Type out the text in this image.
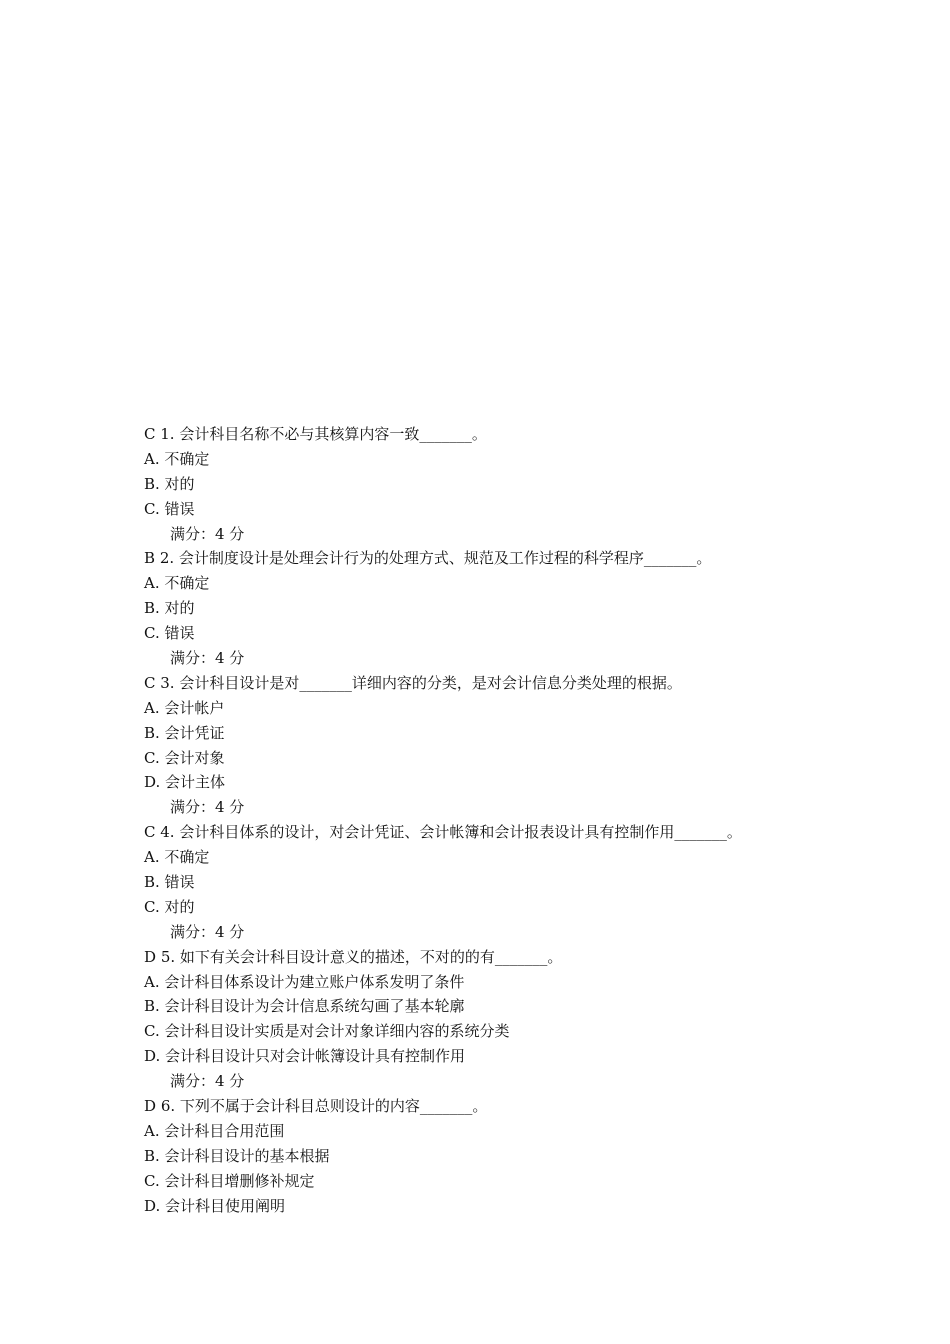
C 1. 会计科目名称不必与其核算内容一致_______。
A. 不确定
B. 对的
C. 错误
满分：4 分
B 2. 会计制度设计是处理会计行为的处理方式、规范及工作过程的科学程序_______。
A. 不确定
B. 对的
C. 错误
满分：4 分
C 3. 会计科目设计是对_______详细内容的分类，是对会计信息分类处理的根据。
A. 会计帐户
B. 会计凭证
C. 会计对象
D. 会计主体
满分：4 分
C 4. 会计科目体系的设计，对会计凭证、会计帐簿和会计报表设计具有控制作用_______。
A. 不确定
B. 错误
C. 对的
满分：4 分
D 5. 如下有关会计科目设计意义的描述，不对的的有_______。
A. 会计科目体系设计为建立账户体系发明了条件
B. 会计科目设计为会计信息系统勾画了基本轮廓
C. 会计科目设计实质是对会计对象详细内容的系统分类
D. 会计科目设计只对会计帐簿设计具有控制作用
满分：4 分
D 6. 下列不属于会计科目总则设计的内容_______。
A. 会计科目合用范围
B. 会计科目设计的基本根据
C. 会计科目增删修补规定
D. 会计科目使用阐明
